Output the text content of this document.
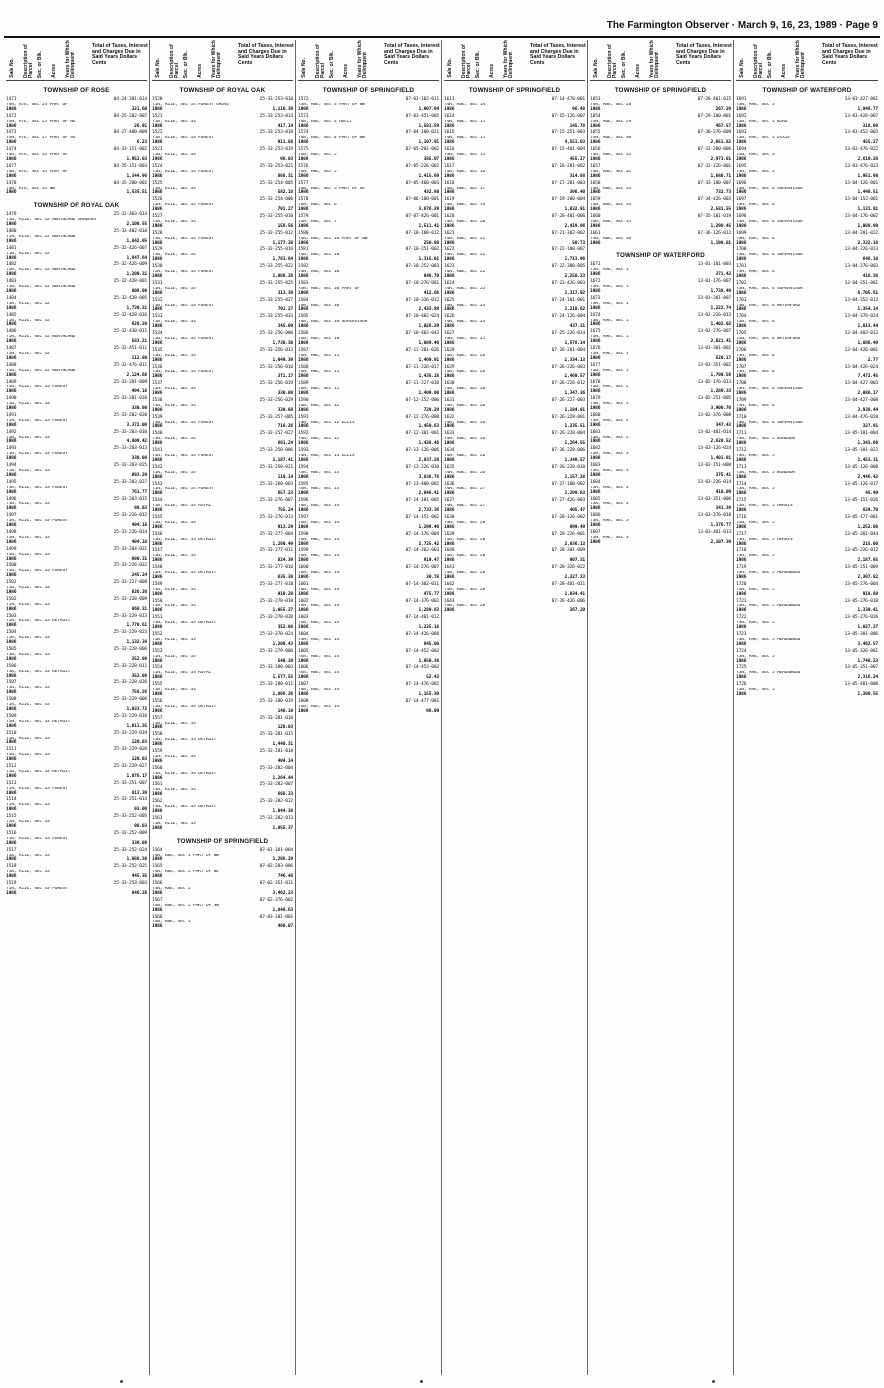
The Farmington Observer · March 9, 16, 23, 1989 · Page 9
Sale No. Description of Parcel Sec. or Blk. Acres Years for Which Delinquent
Total of Taxes, Interest and Charges Due in Said Years Dollars Cents
TOWNSHIP OF ROSE
1471	04-24-201-014
T4N, R7E, SEC 24 PART OF
1986	321.60
1472	04-25-202-007
T4N, R7E, SEC 25 PART OF NE
1986	26.91
1473	04-27-400-009
T4N, R7E, SEC 27 PART OF SE
1986	6.23
1474	04-33-151-002
T4N, R7E, SEC 33 PART OF
1986	1,952.03
1477	04-35-151-003
T4N, R7E, SEC 35 PART OF
1986	1,344.96
1478	04-35-200-002
T4N, R7E, SEC 35 NW
1986	1,535.51
TOWNSHIP OF ROYAL OAK
1479	25-32-403-014
T1N, R11E, SEC 32 NORTHLAND GARDENS
1986	2,100.55
1480	25-32-402-018
T1N, R11E, SEC 32 NORTHLAND
1986	1,842.05
1481	25-32-426-007
T1N, R11E, SEC 32
1986	1,847.64
1482	25-32-426-009
T1N, R11E, SEC 32 NORTHLAND
1986	1,209.31
1483	25-32-428-001
T1N, R11E, SEC 32 NORTHLAND
1986	808.00
1484	25-32-428-005
T1N, R11E, SEC 32
1986	1,739.31
1485	25-32-428-016
T1N, R11E, SEC 32
1986	628.20
1486	25-32-430-011
T1N, R11E, SEC 32 NORTHLAND
1986	583.21
1487	25-32-451-011
T1N, R11E, SEC 32
1986	112.80
1488	25-32-476-011
T1N, R11E, SEC 32 NORTHLAND
1986	2,124.68
1489	25-33-201-009
T1N, R11E, SEC 33 FOREST
1986	494.18
1490	25-33-201-010
T1N, R11E, SEC 33
1986	330.08
1491	25-33-202-020
T1N, R11E, SEC 33 FOREST
1986	3,372.00
1492	25-33-203-010
T1N, R11E, SEC 33
1986	4,809.42
1493	25-33-203-013
T1N, R11E, SEC 33 FOREST
1986	330.08
1494	25-33-203-025
T1N, R11E, SEC 33
1986	893.29
1495	25-33-203-027
T1N, R11E, SEC 33 FOREST
1986	761.77
1496	25-33-203-015
T1N, R11E, SEC 33
1986	98.03
1497	25-33-226-012
T1N, R11E, SEC 33 FOREST
1986	494.18
1498	25-33-226-014
T1N, R11E, SEC 33
1986	494.18
1499	25-33-204-031
T1N, R11E, SEC 33
1986	890.31
1500	25-33-226-032
T1N, R11E, SEC 33 FOREST
1986	245.24
1501	25-33-227-008
T1N, R11E, SEC 33
1986	626.20
1502	25-33-228-009
T1N, R11E, SEC 33
1986	868.31
1503	25-33-229-013
T1N, R11E, SEC 33 DETROIT
1986	1,770.61
1504	25-33-229-023
T1N, R11E, SEC 33
1986	1,132.38
1505	25-33-228-006
T1N, R11E, SEC 33
1986	352.08
1506	25-33-228-011
T1N, R11E, SEC 33 DETROIT
1986	352.08
1507	25-33-228-026
T1N, R11E, SEC 33
1986	758.26
1508	25-33-229-006
T1N, R11E, SEC 33
1986	1,033.72
1509	25-33-229-010
T1N, R11E, SEC 33 DETROIT
1986	1,011.35
1510	25-33-229-019
T1N, R11E, SEC 33
1986	120.03
1511	25-33-229-020
T1N, R11E, SEC 33
1986	120.03
1512	25-33-229-027
T1N, R11E, SEC 33 DETROIT
1986	1,076.17
1513	25-33-251-007
T1N, R11E, SEC 33 FOREST
1986	813.39
1514	25-33-251-014
T1N, R11E, SEC 33
1986	93.00
1515	25-33-252-005
T1N, R11E, SEC 33
1986	98.03
1516	25-33-252-009
T1N, R11E, SEC 33 FOREST
1986	330.08
1517	25-33-252-024
T1N, R11E, SEC 33
1986	1,088.38
1518	25-33-252-025
T1N, R11E, SEC 33
1986	445.35
1519	25-33-253-003
T1N, R11E, SEC 33 FOREST
1986	846.28
Sale No. Description of Parcel Sec. or Blk. Acres Years for Which Delinquent
Total of Taxes, Interest and Charges Due in Said Years Dollars Cents
TOWNSHIP OF ROYAL OAK
1520	25-33-253-010
T1N, R11E, SEC 33 FOREST GROVE
1986	1,110.39
1521	25-33-253-014
T1N, R11E, SEC 33
1986	417.14
1522	25-33-253-018
T1N, R11E, SEC 33 FOREST
1986	911.88
1523	25-33-253-019
T1N, R11E, SEC 33
1986	98.03
1524	25-33-253-021
T1N, R11E, SEC 33 FOREST
1986	868.31
1525	25-33-254-005
T1N, R11E, SEC 33
1986	582.18
1526	25-33-254-006
T1N, R11E, SEC 33 FOREST
1986	791.27
1527	25-33-255-010
T1N, R11E, SEC 33
1986	156.56
1528	25-33-255-012
T1N, R11E, SEC 33 FOREST
1986	1,177.38
1529	25-33-255-016
T1N, R11E, SEC 33
1986	1,781.64
1530	25-33-255-022
T1N, R11E, SEC 33 FOREST
1986	1,088.38
1531	25-33-255-025
T1N, R11E, SEC 33
1986	313.39
1532	25-33-255-027
T1N, R11E, SEC 33 FOREST
1986	791.27
1533	25-33-255-033
T1N, R11E, SEC 33
1986	345.09
1534	25-33-256-006
T1N, R11E, SEC 33 FOREST
1986	1,730.30
1535	25-33-256-013
T1N, R11E, SEC 33
1986	1,049.39
1536	25-33-256-016
T1N, R11E, SEC 33 FOREST
1986	371.17
1537	25-33-256-019
T1N, R11E, SEC 33
1986	330.08
1538	25-33-256-029
T1N, R11E, SEC 33
1986	330.08
1539	25-33-257-005
T1N, R11E, SEC 33 FOREST
1986	716.26
1540	25-33-257-027
T1N, R11E, SEC 33
1986	681.24
1541	25-33-258-006
T1N, R11E, SEC 33 FOREST
1986	1,187.41
1542	25-33-258-021
T1N, R11E, SEC 33
1986	119.14
1543	25-33-260-003
T1N, R11E, SEC 33 FOREST
1986	657.23
1544	25-33-276-007
T1N, R11E, SEC 33 ROYAL
1986	755.24
1545	25-33-276-013
T1N, R11E, SEC 33
1986	913.29
1546	25-33-277-004
T1N, R11E, SEC 33 DETROIT
1986	1,269.49
1547	25-33-277-011
T1N, R11E, SEC 33
1986	824.39
1548	25-33-277-016
T1N, R11E, SEC 33 DETROIT
1986	635.30
1549	25-33-277-018
T1N, R11E, SEC 33
1986	919.29
1550	25-33-278-010
T1N, R11E, SEC 33
1986	1,055.37
1551	25-33-278-020
T1N, R11E, SEC 33 DETROIT
1986	352.08
1552	25-33-278-024
T1N, R11E, SEC 33
1986	1,209.43
1553	25-33-279-006
T1N, R11E, SEC 33
1986	540.19
1554	25-33-280-003
T1N, R11E, SEC 33 ROYAL
1986	1,577.55
1555	25-33-280-011
T1N, R11E, SEC 33
1986	1,066.36
1556	25-33-280-019
T1N, R11E, SEC 33 DETROIT
1986	140.19
1557	25-33-281-010
T1N, R11E, SEC 33
1986	120.03
1558	25-33-281-015
T1N, R11E, SEC 33 DETROIT
1986	1,440.31
1559	25-33-281-018
T1N, R11E, SEC 33
1986	404.14
1560	25-33-282-004
T1N, R11E, SEC 33 DETROIT
1986	1,264.44
1561	25-33-282-007
T1N, R11E, SEC 33
1986	668.33
1562	25-33-282-012
T1N, R11E, SEC 33 DETROIT
1986	1,044.38
1563	25-33-282-013
T1N, R11E, SEC 33
1986	1,055.37
TOWNSHIP OF SPRINGFIELD
1564	07-01-101-004
T4N, R8E, SEC 1 PART OF NW
1986	1,286.29
1565	07-02-203-006
T4N, R8E, SEC 2 PART OF NE
1986	746.48
1566	07-02-351-011
T4N, R8E, SEC 2
1986	3,462.23
1567	07-02-376-002
T4N, R8E, SEC 2 PART OF SW
1986	1,048.63
1568	07-03-101-001
T4N, R8E, SEC 3
1986	460.07
Sale No. Description of Parcel Sec. or Blk. Acres Years for Which Delinquent
Total of Taxes, Interest and Charges Due in Said Years Dollars Cents
TOWNSHIP OF SPRINGFIELD
1572	07-03-102-011
T4N, R8E, SEC 3 PART OF NW
1986	1,907.04
1573	07-03-451-005
T4N, R8E, SEC 3 HOLLY
1986	1,581.59
1574	07-04-100-021
T4N, R8E, SEC 4 PART OF NW
1986	1,107.91
1575	07-05-201-002
T4N, R8E, SEC 5
1986	385.07
1576	07-05-226-002
T4N, R8E, SEC 5
1986	1,415.69
1577	07-05-400-003
T4N, R8E, SEC 5 PART OF SE
1986	432.80
1578	07-06-100-001
T4N, R8E, SEC 6
1986	3,676.29
1579	07-07-426-001
T4N, R8E, SEC 7
1986	1,511.41
1580	07-10-100-012
T4N, R8E, SEC 10 PART OF NW
1986	250.98
1581	07-10-251-002
T4N, R8E, SEC 10
1986	1,315.01
1582	07-10-252-003
T4N, R8E, SEC 10
1986	848.79
1583	07-10-276-001
T4N, R8E, SEC 10 PART OF
1986	412.66
1584	07-10-326-012
T4N, R8E, SEC 10
1986	2,433.89
1585	07-10-402-024
T4N, R8E, SEC 10 SUPERVISOR
1986	1,028.29
1586	07-10-402-043
T4N, R8E, SEC 10
1986	1,089.40
1587	07-11-201-026
T4N, R8E, SEC 11
1986	1,469.91
1588	07-11-226-017
T4N, R8E, SEC 11
1986	1,435.16
1589	07-11-227-010
T4N, R8E, SEC 11
1986	1,409.00
1590	07-12-152-006
T4N, R8E, SEC 12
1986	729.29
1591	07-12-276-008
T4N, R8E, SEC 12 ELLIS
1986	1,459.63
1592	07-12-301-001
T4N, R8E, SEC 12
1986	1,428.46
1593	07-13-126-006
T4N, R8E, SEC 13 ELLIS
1986	2,837.28
1594	07-13-226-010
T4N, R8E, SEC 13
1986	3,838.76
1595	07-13-400-002
T4N, R8E, SEC 13
1986	2,046.41
1596	07-14-101-005
T4N, R8E, SEC 14
1986	2,733.36
1597	07-14-151-002
T4N, R8E, SEC 14
1986	1,299.40
1598	07-14-176-004
T4N, R8E, SEC 14
1986	2,725.42
1599	07-14-202-003
T4N, R8E, SEC 14
1986	919.47
1600	07-14-276-007
T4N, R8E, SEC 14
1986	30.78
1601	07-14-302-011
T4N, R8E, SEC 14
1986	475.77
1602	07-14-376-002
T4N, R8E, SEC 14
1986	1,289.83
1603	07-14-401-012
T4N, R8E, SEC 14
1986	1,225.16
1604	07-14-426-008
T4N, R8E, SEC 14
1986	845.00
1605	07-14-452-003
T4N, R8E, SEC 14
1986	1,050.38
1606	07-14-453-003
T4N, R8E, SEC 14
1986	52.43
1607	07-14-476-002
T4N, R8E, SEC 14
1986	1,155.30
1608	07-14-477-001
T4N, R8E, SEC 14
1986	96.09
Sale No. Description of Parcel Sec. or Blk. Acres Years for Which Delinquent
Total of Taxes, Interest and Charges Due in Said Years Dollars Cents
TOWNSHIP OF SPRINGFIELD
1613	07-14-478-001
T4N, R8E, SEC 14
1986	96.48
1614	07-15-126-007
T4N, R8E, SEC 15
1986	145.78
1615	07-15-251-003
T4N, R8E, SEC 15
1986	4,551.03
1616	07-15-401-004
T4N, R8E, SEC 15
1986	455.27
1617	07-16-201-002
T4N, R8E, SEC 16
1986	314.88
1618	07-17-201-003
T4N, R8E, SEC 17
1986	396.40
1619	07-19-200-004
T4N, R8E, SEC 19
1986	1,032.91
1620	07-20-401-006
T4N, R8E, SEC 20
1986	2,419.96
1621	07-21-302-002
T4N, R8E, SEC 21
1986	50.73
1622	07-22-100-007
T4N, R8E, SEC 22
1986	1,713.96
1623	07-22-300-005
T4N, R8E, SEC 22
1986	2,250.23
1624	07-23-426-003
T4N, R8E, SEC 23
1986	1,317.92
1625	07-24-101-001
T4N, R8E, SEC 24
1986	1,210.62
1626	07-24-126-004
T4N, R8E, SEC 24
1986	437.31
1627	07-25-226-014
T4N, R8E, SEC 25
1986	1,578.14
1628	07-26-201-004
T4N, R8E, SEC 26
1986	1,334.13
1629	07-26-226-003
T4N, R8E, SEC 26
1986	1,469.57
1630	07-26-226-012
T4N, R8E, SEC 26
1986	1,347.36
1631	07-26-227-003
T4N, R8E, SEC 26
1986	1,184.01
1632	07-26-228-001
T4N, R8E, SEC 26
1986	1,235.51
1633	07-26-228-004
T4N, R8E, SEC 26
1986	1,264.55
1634	07-26-228-006
T4N, R8E, SEC 26
1986	1,340.57
1635	07-26-228-010
T4N, R8E, SEC 26
1986	1,157.28
1636	07-27-100-002
T4N, R8E, SEC 27
1986	1,299.83
1637	07-27-426-003
T4N, R8E, SEC 27
1986	405.47
1638	07-28-126-002
T4N, R8E, SEC 28
1986	899.49
1639	07-28-226-001
T4N, R8E, SEC 28
1986	2,036.13
1640	07-28-301-009
T4N, R8E, SEC 28
1986	907.31
1641	07-28-326-022
T4N, R8E, SEC 28
1986	2,227.23
1642	07-28-401-011
T4N, R8E, SEC 28
1986	1,034.41
1643	07-28-426-006
T4N, R8E, SEC 28
1986	267.29
Sale No. Description of Parcel Sec. or Blk. Acres Years for Which Delinquent
Total of Taxes, Interest and Charges Due in Said Years Dollars Cents
TOWNSHIP OF SPRINGFIELD
1653	07-28-401-015
T4N, R8E, SEC 28
1986	267.29
1654	07-29-100-001
T4N, R8E, SEC 29
1986	467.57
1655	07-30-276-009
T4N, R8E, SEC 30
1986	2,051.82
1656	07-31-200-006
T4N, R8E, SEC 31
1986	2,973.01
1657	07-32-126-001
T4N, R8E, SEC 32
1986	1,680.71
1658	07-33-100-007
T4N, R8E, SEC 33
1986	732.73
1659	07-34-426-003
T4N, R8E, SEC 34
1986	2,581.55
1660	07-35-101-019
T4N, R8E, SEC 35
1986	1,290.45
1661	07-36-126-012
T4N, R8E, SEC 36
1986	1,190.01
TOWNSHIP OF WATERFORD
1671	13-01-101-003
T3N, R9E, SEC 1
1986	371.42
1672	13-01-176-007
T3N, R9E, SEC 1
1986	1,738.49
1673	13-01-201-007
T3N, R9E, SEC 1
1986	1,222.74
1674	13-01-226-013
T3N, R9E, SEC 1
1986	1,402.02
1675	13-01-276-007
T3N, R9E, SEC 1
1986	2,021.41
1676	13-01-301-002
T3N, R9E, SEC 1
1986	520.17
1677	13-01-351-002
T3N, R9E, SEC 1
1986	1,790.56
1678	13-02-176-013
T3N, R9E, SEC 2
1986	1,289.33
1679	13-02-251-005
T3N, R9E, SEC 2
1986	3,900.70
1680	13-02-376-008
T3N, R9E, SEC 2
1986	347.43
1681	13-02-401-014
T3N, R9E, SEC 2
1986	2,628.52
1682	13-03-126-024
T3N, R9E, SEC 3
1986	1,401.91
1683	13-03-151-008
T3N, R9E, SEC 3
1986	375.41
1684	13-03-226-014
T3N, R9E, SEC 3
1986	410.09
1685	13-03-351-006
T3N, R9E, SEC 3
1986	341.38
1686	13-03-376-018
T3N, R9E, SEC 3
1986	1,376.77
1687	13-03-401-013
T3N, R9E, SEC 3
1986	2,107.39
Sale No. Description of Parcel Sec. or Blk. Acres Years for Which Delinquent
Total of Taxes, Interest and Charges Due in Said Years Dollars Cents
TOWNSHIP OF WATERFORD
1691	13-03-427-001
T3N, R9E, SEC 3
1986	1,948.77
1692	13-03-428-007
T3N, R9E, SEC 3 BIRD
1986	318.08
1693	13-03-452-003
T3N, R9E, SEC 3 DIXIE
1986	455.27
1694	13-03-476-022
T3N, R9E, SEC 3
1986	2,619.26
1695	13-03-476-023
T3N, R9E, SEC 3
1986	1,951.98
1696	13-04-126-001
T3N, R9E, SEC 4 SUPERVISOR
1986	1,448.51
1697	13-04-152-001
T3N, R9E, SEC 4
1986	1,131.01
1698	13-04-176-002
T3N, R9E, SEC 4 SUPERVISOR
1986	1,088.90
1699	13-04-201-022
T3N, R9E, SEC 4
1986	2,332.16
1700	13-04-226-013
T3N, R9E, SEC 4 SUPERVISOR
1986	646.10
1701	13-04-276-003
T3N, R9E, SEC 4
1986	416.38
1702	13-04-351-001
T3N, R9E, SEC 4 SUPERVISOR
1986	6,705.61
1703	13-04-352-013
T3N, R9E, SEC 4 WATERFORD
1986	1,354.14
1704	13-04-378-024
T3N, R9E, SEC 4
1986	1,013.44
1705	13-04-403-013
T3N, R9E, SEC 4 WATERFORD
1986	1,886.49
1706	13-04-426-001
T3N, R9E, SEC 4
1986	2.77
1707	13-04-426-024
T3N, R9E, SEC 4
1986	7,472.45
1708	13-04-427-003
T3N, R9E, SEC 4 SUPERVISOR
1986	2,086.17
1709	13-04-427-008
T3N, R9E, SEC 4
1986	3,938.44
1710	13-04-476-020
T3N, R9E, SEC 4 SUPERVISOR
1986	327.91
1711	13-05-101-004
T3N, R9E, SEC 5 WINDSOR
1986	1,343.66
1712	13-05-101-022
T3N, R9E, SEC 5
1986	1,453.31
1713	13-05-126-008
T3N, R9E, SEC 5 WINDSOR
1986	2,446.42
1714	13-05-126-017
T3N, R9E, SEC 5
1986	45.49
1715	13-05-151-026
T3N, R9E, SEC 5 HARRIS
1986	829.70
1716	13-05-177-001
T3N, R9E, SEC 5
1986	1,252.08
1717	13-05-201-044
T3N, R9E, SEC 5 HARRIS
1986	215.00
1718	13-05-226-012
T3N, R9E, SEC 5
1986	2,187.85
1719	13-05-251-009
T3N, R9E, SEC 5 MEADOWOOD
1986	2,307.82
1720	13-05-276-004
T3N, R9E, SEC 5
1986	918.80
1721	13-05-276-010
T3N, R9E, SEC 5 MEADOWOOD
1986	1,339.41
1722	13-05-276-026
T3N, R9E, SEC 5
1986	1,027.37
1723	13-05-301-006
T3N, R9E, SEC 5 MEADOWOOD
1986	3,462.57
1724	13-05-326-001
T3N, R9E, SEC 5
1986	1,740.23
1725	13-05-351-007
T3N, R9E, SEC 5 MEADOWOOD
1986	2,316.24
1726	13-05-401-008
T3N, R9E, SEC 5
1986	1,380.55
